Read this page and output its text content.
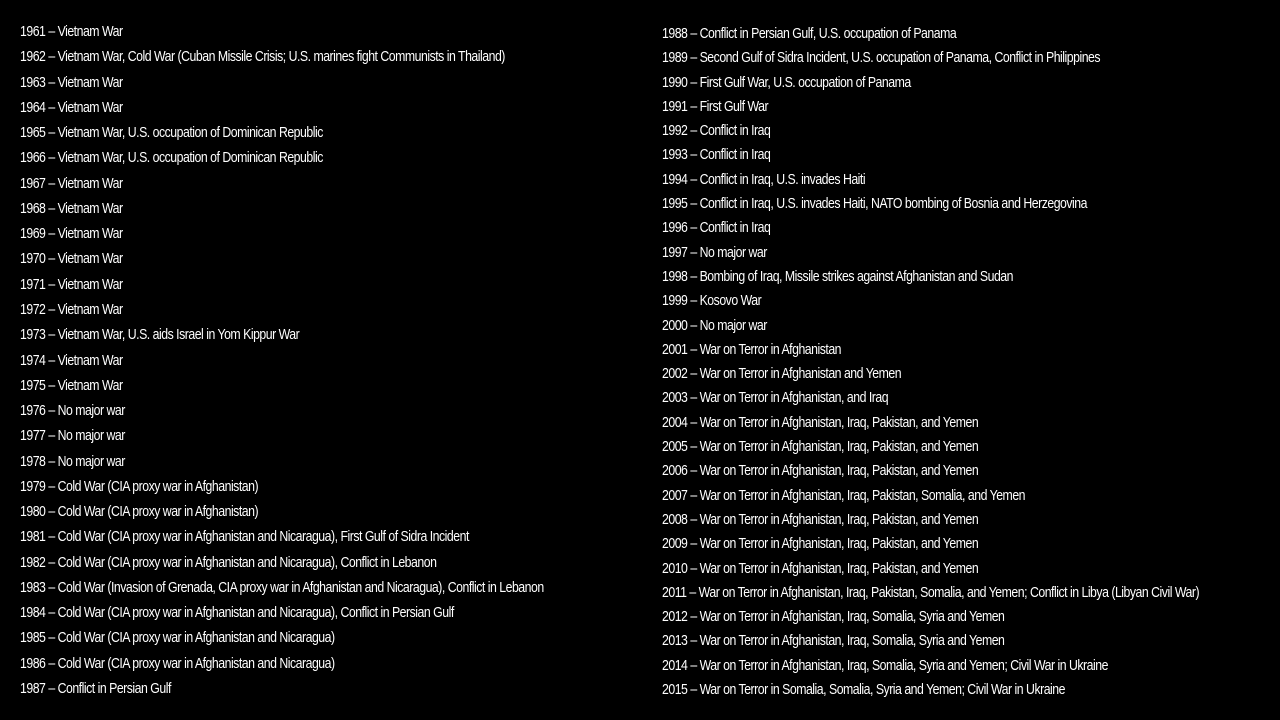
1961 – Vietnam War
1962 – Vietnam War, Cold War (Cuban Missile Crisis; U.S. marines fight Communists in Thailand)
1963 – Vietnam War
1964 – Vietnam War
1965 – Vietnam War, U.S. occupation of Dominican Republic
1966 – Vietnam War, U.S. occupation of Dominican Republic
1967 – Vietnam War
1968 – Vietnam War
1969 – Vietnam War
1970 – Vietnam War
1971 – Vietnam War
1972 – Vietnam War
1973 – Vietnam War, U.S. aids Israel in Yom Kippur War
1974 – Vietnam War
1975 – Vietnam War
1976 – No major war
1977 – No major war
1978 – No major war
1979 – Cold War (CIA proxy war in Afghanistan)
1980 – Cold War (CIA proxy war in Afghanistan)
1981 – Cold War (CIA proxy war in Afghanistan and Nicaragua), First Gulf of Sidra Incident
1982 – Cold War (CIA proxy war in Afghanistan and Nicaragua), Conflict in Lebanon
1983 – Cold War (Invasion of Grenada, CIA proxy war in Afghanistan and Nicaragua), Conflict in Lebanon
1984 – Cold War (CIA proxy war in Afghanistan and Nicaragua), Conflict in Persian Gulf
1985 – Cold War (CIA proxy war in Afghanistan and Nicaragua)
1986 – Cold War (CIA proxy war in Afghanistan and Nicaragua)
1987 – Conflict in Persian Gulf
1988 – Conflict in Persian Gulf, U.S. occupation of Panama
1989 – Second Gulf of Sidra Incident, U.S. occupation of Panama, Conflict in Philippines
1990 – First Gulf War, U.S. occupation of Panama
1991 – First Gulf War
1992 – Conflict in Iraq
1993 – Conflict in Iraq
1994 – Conflict in Iraq, U.S. invades Haiti
1995 – Conflict in Iraq, U.S. invades Haiti, NATO bombing of Bosnia and Herzegovina
1996 – Conflict in Iraq
1997 – No major war
1998 – Bombing of Iraq, Missile strikes against Afghanistan and Sudan
1999 – Kosovo War
2000 – No major war
2001 – War on Terror in Afghanistan
2002 – War on Terror in Afghanistan and Yemen
2003 – War on Terror in Afghanistan, and Iraq
2004 – War on Terror in Afghanistan, Iraq, Pakistan, and Yemen
2005 – War on Terror in Afghanistan, Iraq, Pakistan, and Yemen
2006 – War on Terror in Afghanistan, Iraq, Pakistan, and Yemen
2007 – War on Terror in Afghanistan, Iraq, Pakistan, Somalia, and Yemen
2008 – War on Terror in Afghanistan, Iraq, Pakistan, and Yemen
2009 – War on Terror in Afghanistan, Iraq, Pakistan, and Yemen
2010 – War on Terror in Afghanistan, Iraq, Pakistan, and Yemen
2011 – War on Terror in Afghanistan, Iraq, Pakistan, Somalia, and Yemen; Conflict in Libya (Libyan Civil War)
2012 – War on Terror in Afghanistan, Iraq, Somalia, Syria and Yemen
2013 – War on Terror in Afghanistan, Iraq, Somalia, Syria and Yemen
2014 – War on Terror in Afghanistan, Iraq, Somalia, Syria and Yemen; Civil War in Ukraine
2015 – War on Terror in Somalia, Somalia, Syria and Yemen; Civil War in Ukraine
